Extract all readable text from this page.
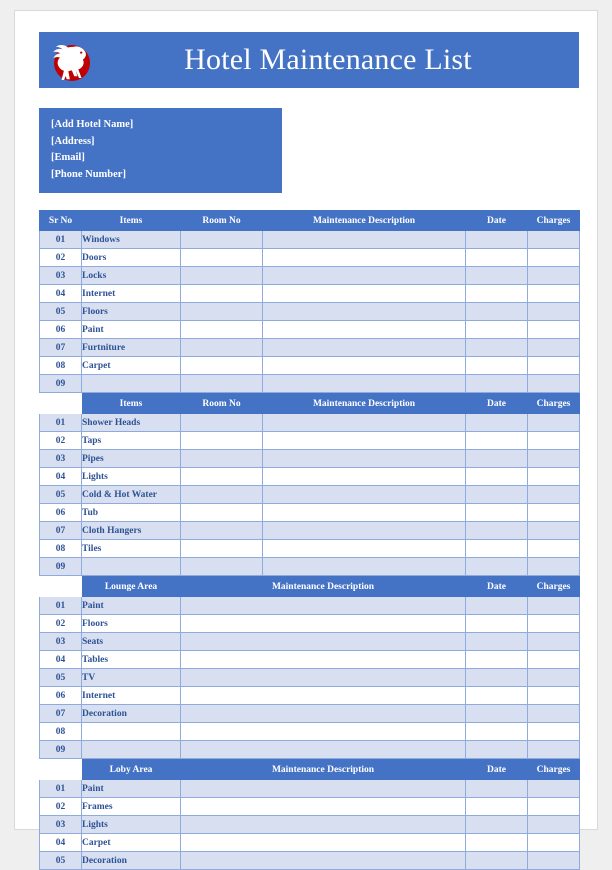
Hotel Maintenance List
[Add Hotel Name]
[Address]
[Email]
[Phone Number]
Sr No	Items	Room No	Maintenance Description	Date	Charges
01	Windows				
02	Doors				
03	Locks				
04	Internet				
05	Floors				
06	Paint				
07	Furtniture				
08	Carpet				
09					
	Items	Room No	Maintenance Description	Date	Charges
01	Shower Heads				
02	Taps				
03	Pipes				
04	Lights				
05	Cold & Hot Water				
06	Tub				
07	Cloth Hangers				
08	Tiles				
09					
	Lounge Area	Maintenance Description	Date	Charges
01	Paint			
02	Floors			
03	Seats			
04	Tables			
05	TV			
06	Internet			
07	Decoration			
08				
09				
	Loby Area	Maintenance Description	Date	Charges
01	Paint			
02	Frames			
03	Lights			
04	Carpet			
05	Decoration			
